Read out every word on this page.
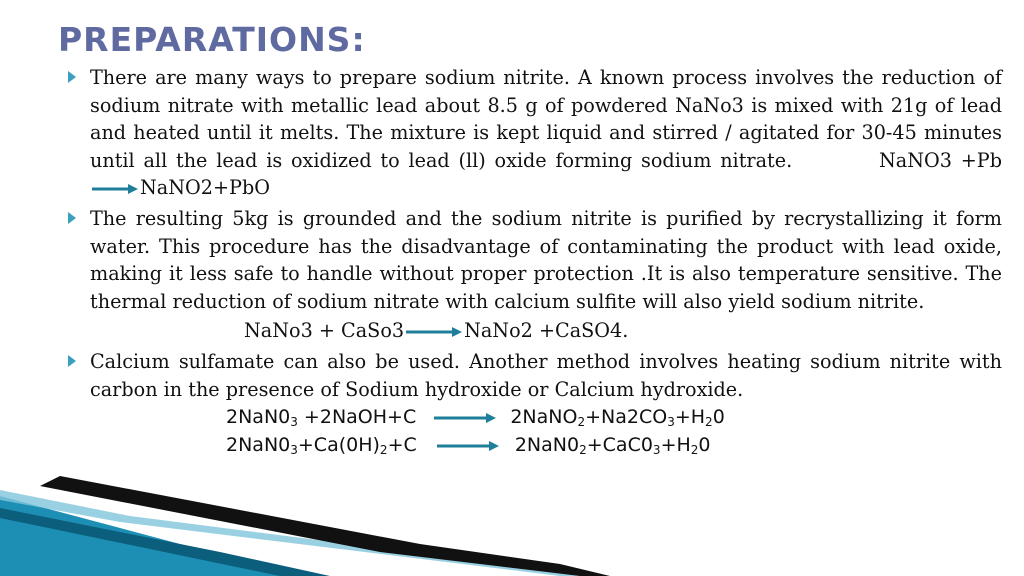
PREPARATIONS:
There are many ways to prepare sodium nitrite. A known process involves the reduction of sodium nitrate with metallic lead about 8.5 g of powdered NaNo3 is mixed with 21g of lead and heated until it melts. The mixture is kept liquid and stirred / agitated for 30-45 minutes until all the lead is oxidized to lead (ll) oxide forming sodium nitrate.	NaNO3 +Pb→ NaNO2+PbO
The resulting 5kg is grounded and the sodium nitrite is purified by recrystallizing it form water. This procedure has the disadvantage of contaminating the product with lead oxide, making it less safe to handle without proper protection .It is also temperature sensitive. The thermal reduction of sodium nitrate with calcium sulfite will also yield sodium nitrite.
NaNo3 + CaSo3 → NaNo2 +CaSO4.
Calcium sulfamate can also be used. Another method involves heating sodium nitrite with carbon in the presence of Sodium hydroxide or Calcium hydroxide.
$2NaN0_3$ +2NaOH+C → $2NaNO_2+Na2CO_3+H_20$
$2NaN0_3+Ca(0H)_2+C \to 2NaN0_2+CaC0_3+H_20$
